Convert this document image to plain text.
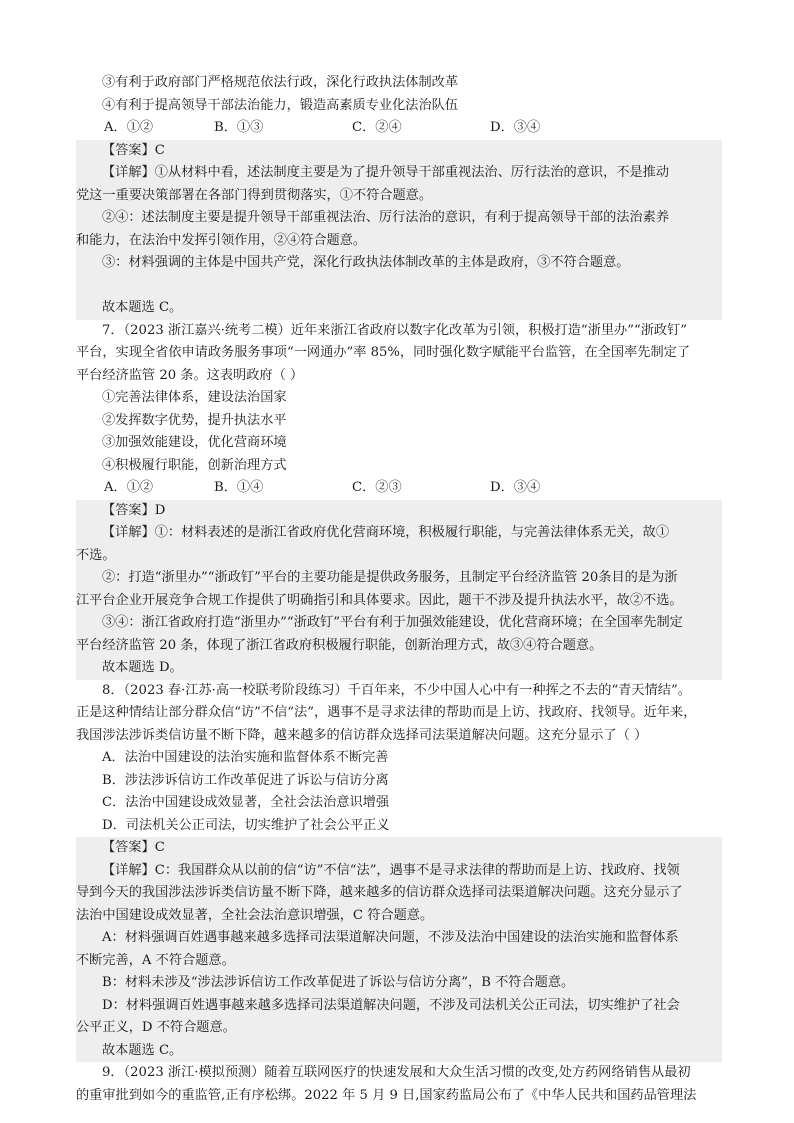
③有利于政府部门严格规范依法行政，深化行政执法体制改革
④有利于提高领导干部法治能力，锻造高素质专业化法治队伍
A．①②	B．①③	C．②④	D．③④
【答案】C
【详解】①从材料中看，述法制度主要是为了提升领导干部重视法治、厉行法治的意识，不是推动
党这一重要决策部署在各部门得到贯彻落实，①不符合题意。
②④：述法制度主要是提升领导干部重视法治、厉行法治的意识，有利于提高领导干部的法治素养
和能力，在法治中发挥引领作用，②④符合题意。
③：材料强调的主体是中国共产党，深化行政执法体制改革的主体是政府，③不符合题意。
故本题选 C。
7．（2023 浙江嘉兴·统考二模）近年来浙江省政府以数字化改革为引领，积极打造“浙里办”“浙政钉”
平台，实现全省依申请政务服务事项“一网通办”率 85%，同时强化数字赋能平台监管，在全国率先制定了
平台经济监管 20 条。这表明政府（ ）
①完善法律体系，建设法治国家
②发挥数字优势，提升执法水平
③加强效能建设，优化营商环境
④积极履行职能，创新治理方式
A．①②	B．①④	C．②③	D．③④
【答案】D
【详解】①：材料表述的是浙江省政府优化营商环境，积极履行职能，与完善法律体系无关，故①
不选。
②：打造“浙里办”“浙政钉”平台的主要功能是提供政务服务，且制定平台经济监管 20条目的是为浙
江平台企业开展竞争合规工作提供了明确指引和具体要求。因此，题干不涉及提升执法水平，故②不选。
③④：浙江省政府打造“浙里办”“浙政钉”平台有利于加强效能建设，优化营商环境；在全国率先制定
平台经济监管 20 条，体现了浙江省政府积极履行职能，创新治理方式，故③④符合题意。
故本题选 D。
8．（2023 春·江苏·高一校联考阶段练习）千百年来，不少中国人心中有一种挥之不去的“青天情结”。
正是这种情结让部分群众信“访”不信“法”，遇事不是寻求法律的帮助而是上访、找政府、找领导。近年来，
我国涉法涉诉类信访量不断下降，越来越多的信访群众选择司法渠道解决问题。这充分显示了（ ）
A．法治中国建设的法治实施和监督体系不断完善
B．涉法涉诉信访工作改革促进了诉讼与信访分离
C．法治中国建设成效显著，全社会法治意识增强
D．司法机关公正司法，切实维护了社会公平正义
【答案】C
【详解】C：我国群众从以前的信“访”不信“法”，遇事不是寻求法律的帮助而是上访、找政府、找领
导到今天的我国涉法涉诉类信访量不断下降，越来越多的信访群众选择司法渠道解决问题。这充分显示了
法治中国建设成效显著，全社会法治意识增强，C 符合题意。
A：材料强调百姓遇事越来越多选择司法渠道解决问题，不涉及法治中国建设的法治实施和监督体系
不断完善，A 不符合题意。
B：材料未涉及“涉法涉诉信访工作改革促进了诉讼与信访分离”，B 不符合题意。
D：材料强调百姓遇事越来越多选择司法渠道解决问题，不涉及司法机关公正司法，切实维护了社会
公平正义，D 不符合题意。
故本题选 C。
9．（2023 浙江·模拟预测）随着互联网医疗的快速发展和大众生活习惯的改变,处方药网络销售从最初
的重审批到如今的重监管,正有序松绑。2022 年 5 月 9 日,国家药监局公布了《中华人民共和国药品管理法
